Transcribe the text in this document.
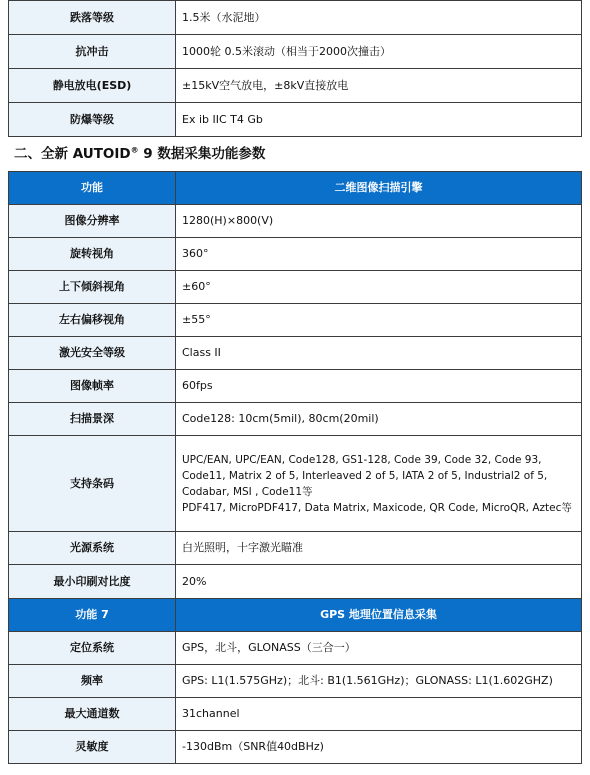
跌落等级	1.5米（水泥地）
抗冲击	1000轮 0.5米滚动（相当于2000次撞击）
静电放电(ESD)	±15kV空气放电，±8kV直接放电
防爆等级	Ex ib IIC T4 Gb
二、全新 AUTOID® 9 数据采集功能参数
功能	二维图像扫描引擎
图像分辨率	1280(H)×800(V)
旋转视角	360°
上下倾斜视角	±60°
左右偏移视角	±55°
激光安全等级	Class II
图像帧率	60fps
扫描景深	Code128: 10cm(5mil), 80cm(20mil)
支持条码	UPC/EAN, UPC/EAN, Code128, GS1-128, Code 39, Code 32, Code 93, Code11, Matrix 2 of 5, Interleaved 2 of 5, IATA 2 of 5, Industrial2 of 5, Codabar, MSI , Code11等
PDF417, MicroPDF417, Data Matrix, Maxicode, QR Code, MicroQR, Aztec等

光源系统	白光照明，十字激光瞄准
最小印刷对比度	20%
功能 7	GPS 地理位置信息采集
定位系统	GPS，北斗，GLONASS（三合一）
频率	GPS: L1(1.575GHz)；北斗: B1(1.561GHz)；GLONASS: L1(1.602GHZ)
最大通道数	31channel
灵敏度	-130dBm（SNR值40dBHz)
